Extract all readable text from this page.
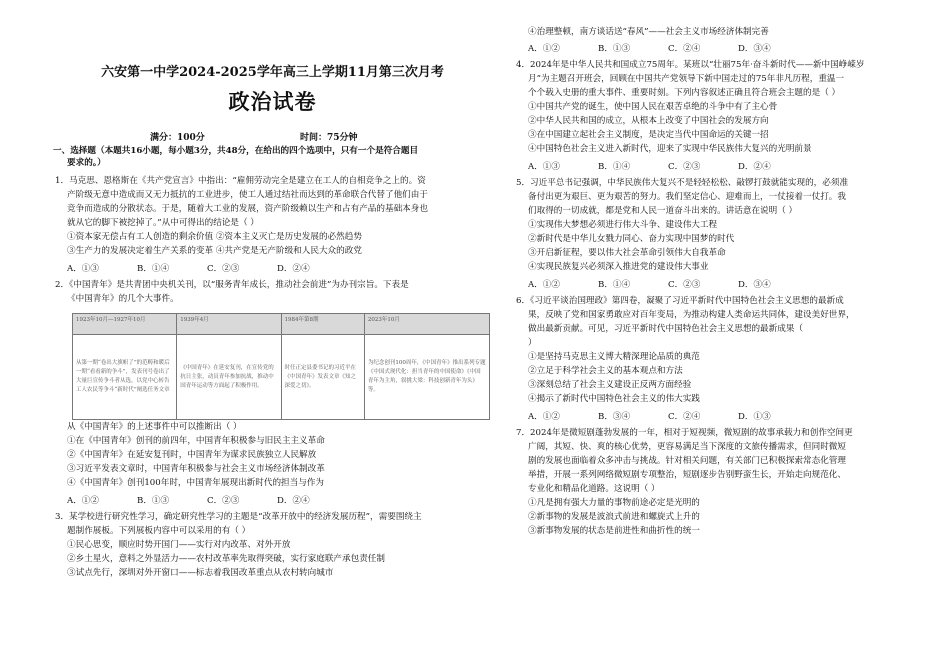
六安第一中学2024-2025学年高三上学期11月第三次月考
政治试卷
满分：100分	时间：75分钟
一、选择题（本题共16小题，每小题3分，共48分，在给出的四个选项中，只有一个是符合题目
要求的。）
1．马克思、恩格斯在《共产党宣言》中指出：“雇佣劳动完全是建立在工人的自相竞争之上的。资
产阶级无意中造成而又无力抵抗的工业进步，使工人通过结社而达到的革命联合代替了他们由于
竞争而造成的分散状态。于是，随着大工业的发展，资产阶级赖以生产和占有产品的基础本身也
就从它的脚下被挖掉了。”从中可得出的结论是（ ）
①资本家无偿占有工人创造的剩余价值 ②资本主义灭亡是历史发展的必然趋势
③生产力的发展决定着生产关系的变革 ④共产党是无产阶级和人民大众的政党
A．①③	B．①④	C．②③	D．②④
2．《中国青年》是共青团中央机关刊，以“服务青年成长，推动社会前进”为办刊宗旨。下表是
《中国青年》的几个大事件。
1923年10月—1927年10月	1939年4月	1984年第8期	2023年10月
从第一期“卷出大旗帜了”的范畴和暖后一期“看看新的争斗”，发表刊号卷出了大量巨宣传争斗者从选，以党中心转告工人农民等争斗“新时代”阐选任务文章	《中国青年》在延安复刊，在宣传党的抗日主张，动员青年参加抗战，推动中国青年运动等方面起了积极作用。	时任正定县委书记的习近平在《中国青年》发表文章《知之深爱之切》。	为纪念创刊100周年，《中国青年》推出系列专题《中国式现代化：担当青年的中国使命》《中国青年为主角，叙挑大梁：科技创新青年为头》等。
从《中国青年》的上述事件中可以推断出（ ）
①在《中国青年》创刊的前四年，中国青年积极参与旧民主主义革命
②《中国青年》在延安复刊时，中国青年为谋求民族独立人民解放
③习近平发表文章时，中国青年积极参与社会主义市场经济体制改革
④《中国青年》创刊100年时，中国青年展现出新时代的担当与作为
A．①②	B．①③	C．②③	D．②④
3．某学校进行研究性学习，确定研究性学习的主题是“改革开放中的经济发展历程”，需要围绕主
题制作展板。下列展板内容中可以采用的有（ ）
①民心思变，顺应时势开国门——实行对内改革、对外开放
②乡土星火，意料之外显活力——农村改革率先取得突破，实行家庭联产承包责任制
③试点先行，深圳对外开窗口——标志着我国改革重点从农村转向城市
④治理整顿，南方谈话送“春风”——社会主义市场经济体制完善
A．①②	B．①③	C．②④	D．③④
4．2024年是中华人民共和国成立75周年。某班以“壮丽75年·奋斗新时代——新中国峥嵘岁
月”为主题召开班会，回顾在中国共产党领导下新中国走过的75年非凡历程，重温一
个个载入史册的重大事件、重要时刻。下列内容叙述正确且符合班会主题的是（ ）
①中国共产党的诞生，使中国人民在艰苦卓绝的斗争中有了主心骨
②中华人民共和国的成立，从根本上改变了中国社会的发展方向
③在中国建立起社会主义制度，是决定当代中国命运的关键一招
④中国特色社会主义进入新时代，迎来了实现中华民族伟大复兴的光明前景
A．①③	B．①④	C．②③	D．②④
5．习近平总书记强调，中华民族伟大复兴不是轻轻松松、敲锣打鼓就能实现的，必须准
备付出更为艰巨、更为艰苦的努力。我们坚定信心、迎难而上，一仗接着一仗打。我
们取得的一切成就，都是党和人民一道奋斗出来的。讲话意在说明（ ）
①实现伟大梦想必须进行伟大斗争、建设伟大工程
②新时代是中华儿女戮力同心、奋力实现中国梦的时代
③开启新征程，要以伟大社会革命引领伟大自我革命
④实现民族复兴必须深入推进党的建设伟大事业
A．①②	B．①④	C．②③	D．③④
6．《习近平谈治国理政》第四卷，凝聚了习近平新时代中国特色社会主义思想的最新成
果，反映了党和国家勇敢应对百年变局，为推动构建人类命运共同体，建设美好世界，
做出最新贡献。可见，习近平新时代中国特色社会主义思想的最新成果（
）
①是坚持马克思主义博大精深理论品质的典范
②立足于科学社会主义的基本观点和方法
③深刻总结了社会主义建设正反两方面经验
④揭示了新时代中国特色社会主义的伟大实践
A．①②	B．③④	C．②④	D．①③
7．2024年是微短剧蓬勃发展的一年，相对于短视频，微短剧的故事承载力和创作空间更
广阔，其短、快、爽的核心优势，更容易满足当下深度的文旅传播需求，但同时微短
剧的发展也面临着众多冲击与挑战。针对相关问题，有关部门已积极探索常态化管理
举措，开展一系列网络微短剧专项整治，短剧逐步告别野蛮生长，开始走向规范化、
专业化和精品化道路。这说明（ ）
①凡是拥有强大力量的事物前途必定是光明的
②新事物的发展是波浪式前进和螺旋式上升的
③新事物发展的状态是前进性和曲折性的统一
